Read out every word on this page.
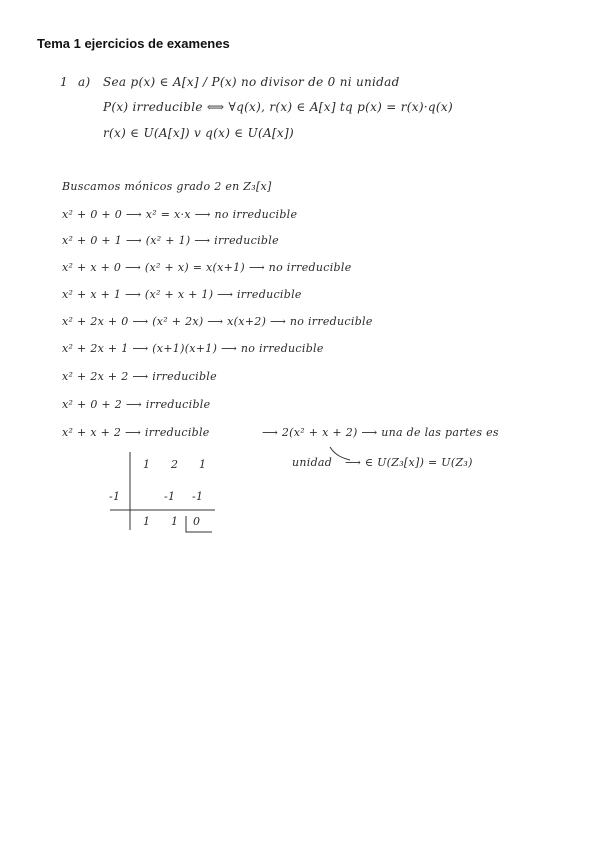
Tema 1 ejercicios de examenes
1 a) Sea p(x) ∈ A[x] / P(x) no divisor de 0 ni unidad
P(x) irreducible ⟺ ∀q(x), r(x) ∈ A[x] tq p(x) = r(x)·q(x)
r(x) ∈ U(A[x]) v q(x) ∈ U(A[x])
Buscamos mónicos grado 2 en Z₃[x]
x² + 0 + 0 ⟶ x² = x·x ⟶ no irreducible
x² + 0 + 1 ⟶ (x² + 1) ⟶ irreducible
x² + x + 0 ⟶ (x² + x) = x(x+1) ⟶ no irreducible
x² + x + 1 ⟶ (x² + x + 1) ⟶ irreducible
x² + 2x + 0 ⟶ (x² + 2x) ⟶ x(x+2) ⟶ no irreducible
x² + 2x + 1 ⟶ (x+1)(x+1) ⟶ no irreducible
x² + 2x + 2 ⟶ irreducible
x² + 0 + 2 ⟶ irreducible
x² + x + 2 ⟶ irreducible	⟶ 2(x² + x + 2) ⟶ una de las partes es
unidad ⟶ ∈ U(Z₃[x]) = U(Z₃)
1 2 1
-1	-1 -1
1 1 0
